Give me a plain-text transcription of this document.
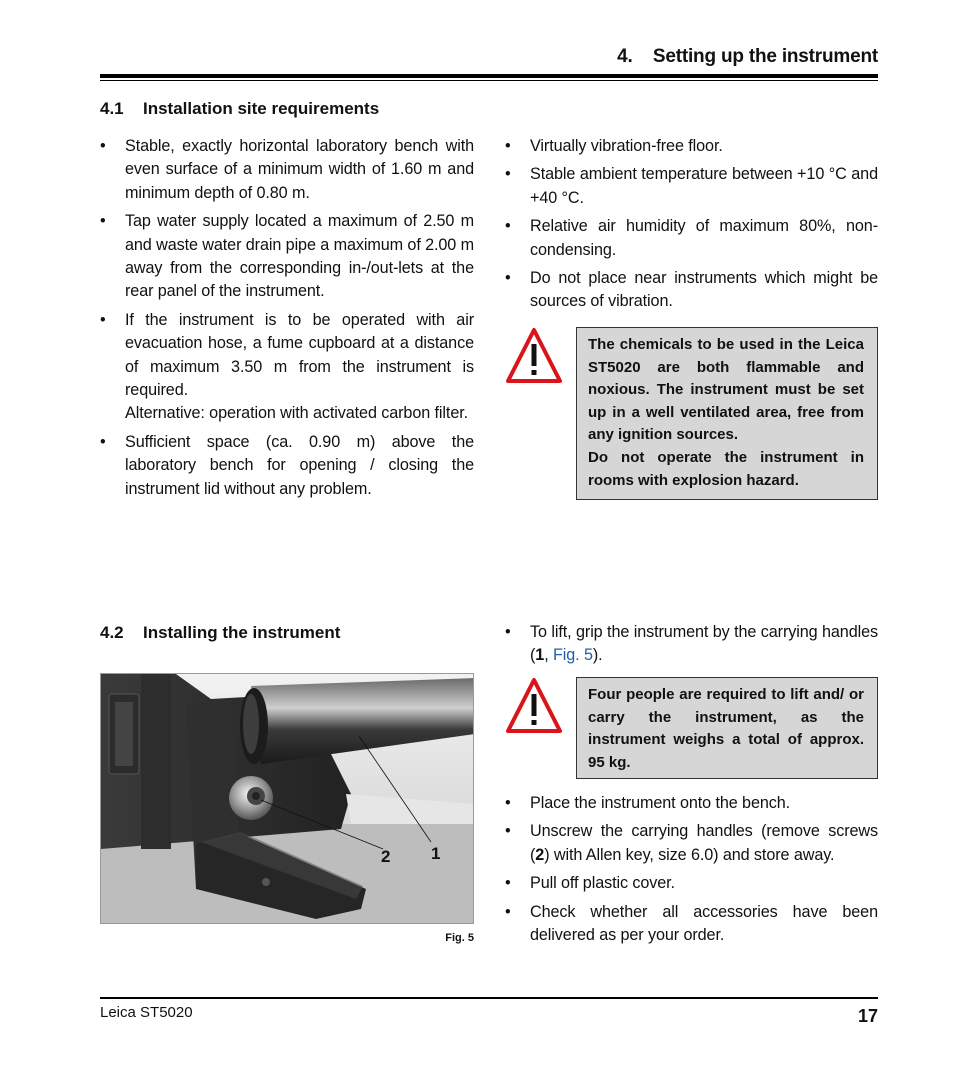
4.    Setting up the instrument
4.1 Installation site requirements
• Stable, exactly horizontal laboratory bench with even surface of a minimum width of 1.60 m and minimum depth of 0.80 m.
• Tap water supply located a maximum of 2.50 m and waste water drain pipe a maximum of 2.00 m away from the corresponding in-/out-lets at the rear panel of the instrument.
• If the instrument is to be operated with air evacuation hose, a fume cupboard at a distance of maximum 3.50 m from the instrument is required.
Alternative: operation with activated carbon filter.
• Sufficient space (ca. 0.90 m) above the laboratory bench for opening / closing the instrument lid without any problem.
• Virtually vibration-free floor.
• Stable ambient temperature between +10 °C and +40 °C.
• Relative air humidity of maximum 80%, non-condensing.
• Do not place near instruments which might be sources of vibration.

The chemicals to be used in the Leica ST5020 are both flammable and noxious. The instrument must be set up in a well ventilated area, free from any ignition sources.

Do not operate the instrument in rooms with explosion hazard.

4.2 Installing the instrument
2 1
Fig. 5
• To lift, grip the instrument by the carrying handles (1, Fig. 5).

Four people are required to lift and/ or carry the instrument, as the instrument weighs a total of approx. 95 kg.

• Place the instrument onto the bench.
• Unscrew the carrying handles (remove screws (2) with Allen key, size 6.0) and store away.
• Pull off plastic cover.
• Check whether all accessories have been delivered as per your order.
Leica ST5020	17
